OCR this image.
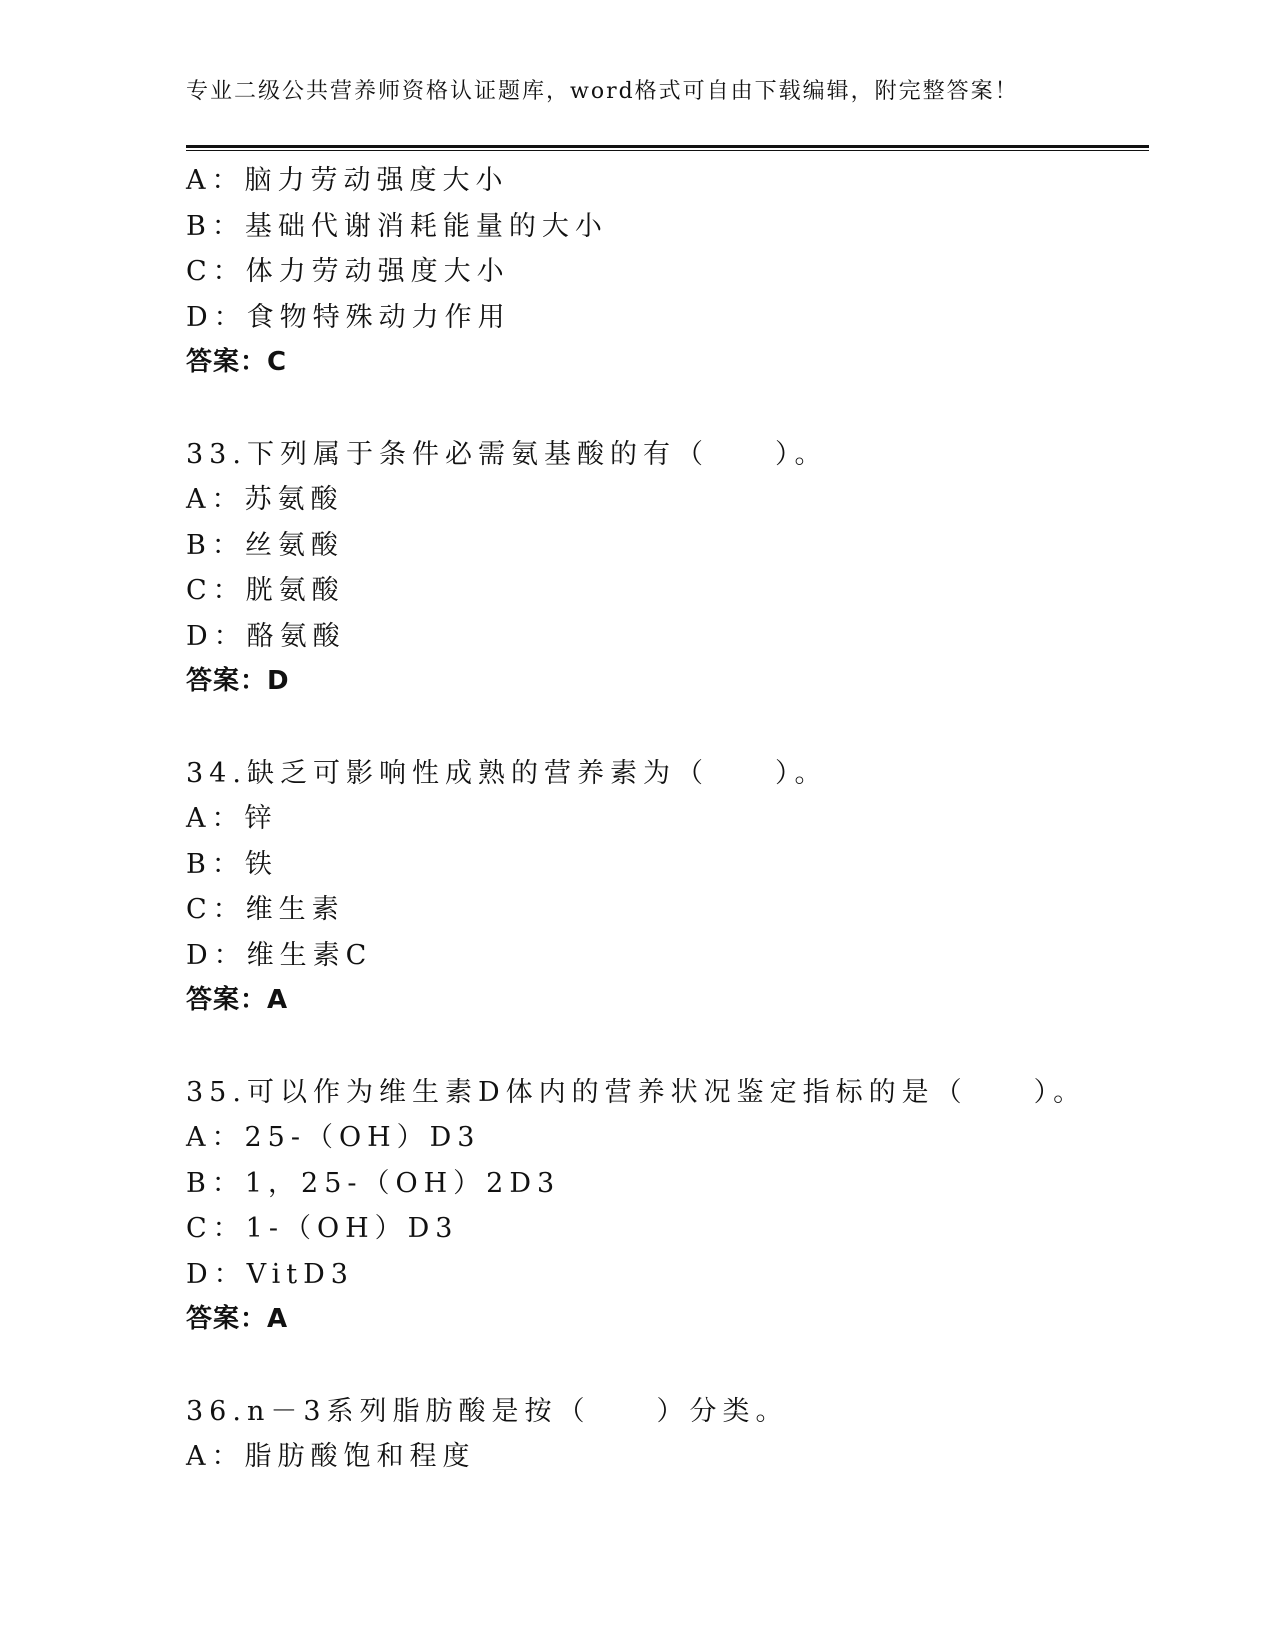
专业二级公共营养师资格认证题库，word格式可自由下载编辑，附完整答案！
A：脑力劳动强度大小
B：基础代谢消耗能量的大小
C：体力劳动强度大小
D：食物特殊动力作用
答案：C
33.下列属于条件必需氨基酸的有（　　）。
A：苏氨酸
B：丝氨酸
C：胱氨酸
D：酪氨酸
答案：D
34.缺乏可影响性成熟的营养素为（　　）。
A：锌
B：铁
C：维生素
D：维生素C
答案：A
35.可以作为维生素D体内的营养状况鉴定指标的是（　　）。
A：25-（OH）D3
B：1，25-（OH）2D3
C：1-（OH）D3
D：VitD3
答案：A
36.n－3系列脂肪酸是按（　　）分类。
A：脂肪酸饱和程度
